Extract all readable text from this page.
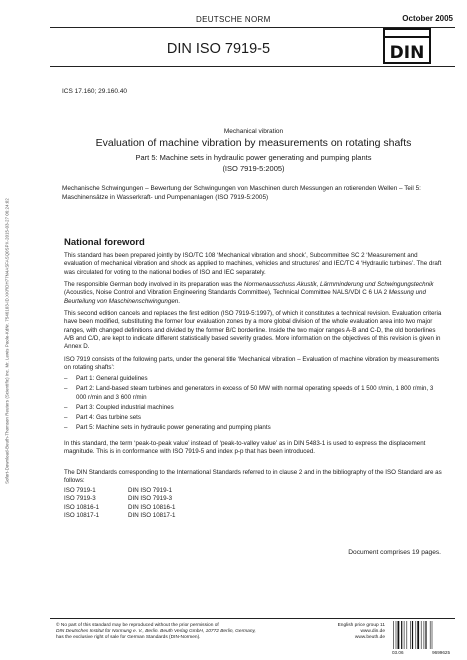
DEUTSCHE NORM	October 2005
DIN ISO 7919-5	DIN
ICS 17.160; 29.160.40
Mechanical vibration
Evaluation of machine vibration by measurements on rotating shafts
Part 5: Machine sets in hydraulic power generating and pumping plants
(ISO 7919-5:2005)
Mechanische Schwingungen – Bewertung der Schwingungen von Maschinen durch Messungen an rotierenden Wellen – Teil 5: Maschinensätze in Wasserkraft- und Pumpenanlagen (ISO 7919-5:2005)
National foreword
This standard has been prepared jointly by ISO/TC 108 ‘Mechanical vibration and shock’, Subcommittee SC 2 ‘Measurement and evaluation of mechanical vibration and shock as applied to machines, vehicles and structures’ and IEC/TC 4 ‘Hydraulic turbines’. The draft was circulated for voting to the national bodies of ISO and IEC separately.
The responsible German body involved in its preparation was the Normenausschuss Akustik, Lärmminderung und Schwingungstechnik (Acoustics, Noise Control and Vibration Engineering Standards Committee), Technical Committee NALS/VDI C 6 UA 2 Messung und Beurteilung von Maschinenschwingungen.
This second edition cancels and replaces the first edition (ISO 7919-5:1997), of which it constitutes a technical revision. Evaluation criteria have been modified, substituting the former four evaluation zones by a more global division of the whole evaluation area into two major ranges, with changed definitions and divided by the former B/C borderline. Inside the two major ranges A-B and C-D, the old borderlines A/B and C/D, are kept to indicate different statistically based severity grades. More information on the objectives of this revision is given in Annex D.
ISO 7919 consists of the following parts, under the general title ‘Mechanical vibration – Evaluation of machine vibration by measurements on rotating shafts’:
–	Part 1: General guidelines
–	Part 2: Land-based steam turbines and generators in excess of 50 MW with normal operating speeds of 1 500 r/min, 1 800 r/min, 3 000 r/min and 3 600 r/min
–	Part 3: Coupled industrial machines
–	Part 4: Gas turbine sets
–	Part 5: Machine sets in hydraulic power generating and pumping plants
In this standard, the term ‘peak-to-peak value’ instead of ‘peak-to-valley value’ as in DIN 5483-1 is used to express the displacement magnitude. This is in conformance with ISO 7919-5 and index p-p that has been introduced.
The DIN Standards corresponding to the International Standards referred to in clause 2 and in the bibliography of the ISO Standard are as follows:
ISO 7919-1	DIN ISO 7919-1
ISO 7919-3	DIN ISO 7919-3
ISO 10816-1	DIN ISO 10816-1
ISO 10817-1	DIN ISO 10817-1
Document comprises 19 pages.
Sofort-Download-Beuth-Thomson Reuters (Scientific) Inc. Mr. Lewis Poole-KdNr. 7546103-ID.XKRDH77N4ASFASQ0SPX-2015-03-27 06:24:02
© No part of this standard may be reproduced without the prior permission of
DIN Deutsches Institut für Normung e. V., Berlin. Beuth Verlag GmbH, 10772 Berlin, Germany,
has the exclusive right of sale for German Standards (DIN-Normen).
English price group 11
www.din.de
www.beuth.de
03.06	9699625
